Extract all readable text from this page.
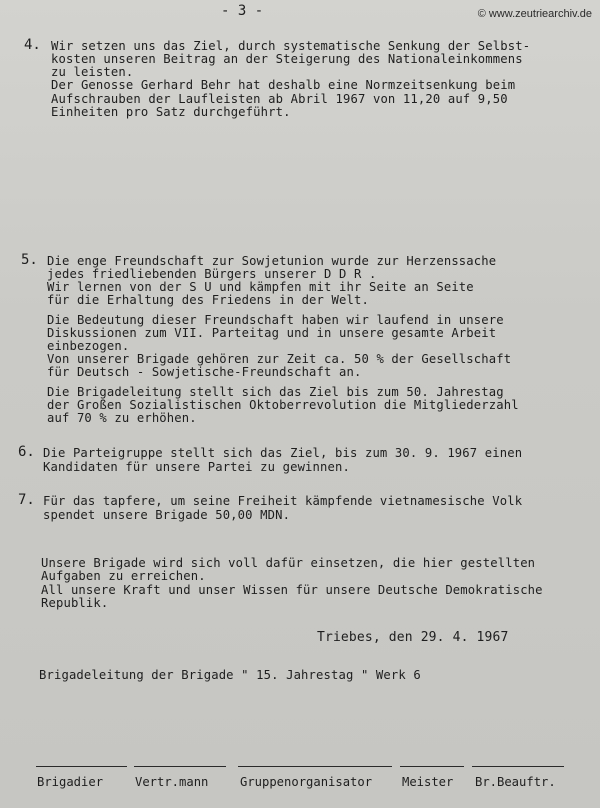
- 3 -	© www.zeutriearchiv.de
4. Wir setzen uns das Ziel, durch systematische Senkung der Selbst-
kosten unseren Beitrag an der Steigerung des Nationaleinkommens
zu leisten.
Der Genosse Gerhard Behr hat deshalb eine Normzeitsenkung beim
Aufschrauben der Laufleisten ab Abril 1967 von 11,20 auf 9,50
Einheiten pro Satz durchgeführt.
5. Die enge Freundschaft zur Sowjetunion wurde zur Herzenssache
jedes friedliebenden Bürgers unserer D D R .
Wir lernen von der S U und kämpfen mit ihr Seite an Seite
für die Erhaltung des Friedens in der Welt.
Die Bedeutung dieser Freundschaft haben wir laufend in unsere
Diskussionen zum VII. Parteitag und in unsere gesamte Arbeit
einbezogen.
Von unserer Brigade gehören zur Zeit ca. 50 % der Gesellschaft
für Deutsch - Sowjetische-Freundschaft an.
Die Brigadeleitung stellt sich das Ziel bis zum 50. Jahrestag
der Großen Sozialistischen Oktoberrevolution die Mitgliederzahl
auf 70 % zu erhöhen.
6. Die Parteigruppe stellt sich das Ziel, bis zum 30. 9. 1967 einen
Kandidaten für unsere Partei zu gewinnen.
7. Für das tapfere, um seine Freiheit kämpfende vietnamesische Volk
spendet unsere Brigade 50,00 MDN.
Unsere Brigade wird sich voll dafür einsetzen, die hier gestellten
Aufgaben zu erreichen.
All unsere Kraft und unser Wissen für unsere Deutsche Demokratische
Republik.
Triebes, den 29. 4. 1967
Brigadeleitung der Brigade " 15. Jahrestag " Werk 6
Brigadier	Vertr.mann	Gruppenorganisator Meister Br.Beauftr.
